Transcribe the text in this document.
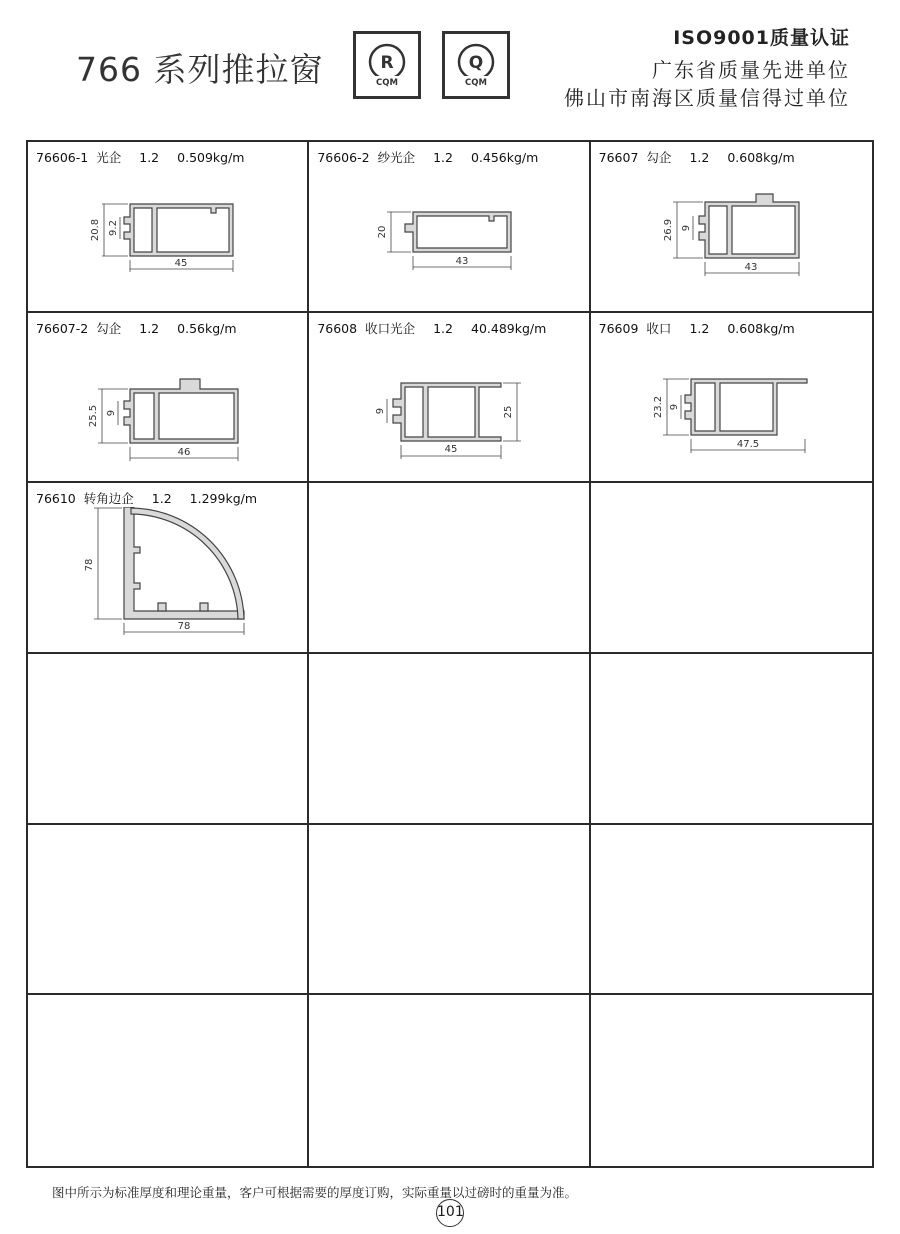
766 系列推拉窗	R
CQM
Q
CQM

ISO9001质量认证

广东省质量先进单位

佛山市南海区质量信得过单位

76606-1 光企 1.2 0.509kg/m
20.8 9.2
45
76606-2 纱光企 1.2 0.456kg/m
20
43
76607 勾企 1.2 0.608kg/m
26.9 9
43
76607-2 勾企 1.2 0.56kg/m
25.5 9
46
76608 收口光企 1.2 40.489kg/m
25
9
45
76609 收口 1.2 0.608kg/m
23.2 9
47.5
76610 转角边企 1.2 1.299kg/m
78
78

图中所示为标准厚度和理论重量，客户可根据需要的厚度订购，实际重量以过磅时的重量为准。

101
